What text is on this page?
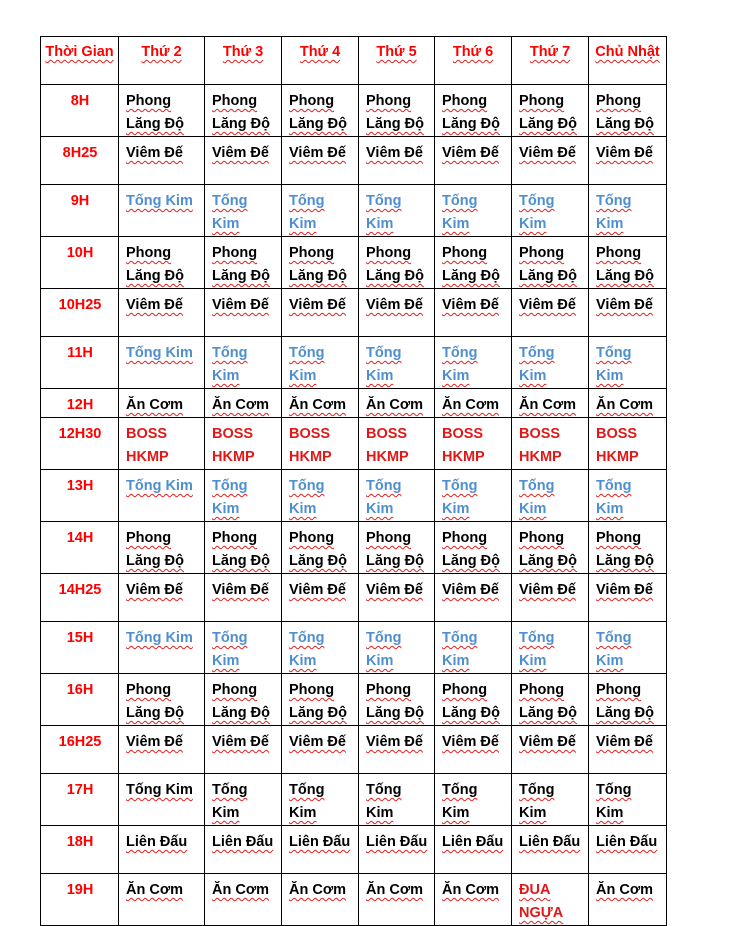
Thời Gian	Thứ 2	Thứ 3	Thứ 4	Thứ 5	Thứ 6	Thứ 7	Chủ Nhật
8H	Phong Lăng Độ	Phong Lăng Độ	Phong Lăng Độ	Phong Lăng Độ	Phong Lăng Độ	Phong Lăng Độ	Phong Lăng Độ
8H25	Viêm Đế	Viêm Đế	Viêm Đế	Viêm Đế	Viêm Đế	Viêm Đế	Viêm Đế
9H	Tống Kim	Tống Kim	Tống Kim	Tống Kim	Tống Kim	Tống Kim	Tống Kim
10H	Phong Lăng Độ	Phong Lăng Độ	Phong Lăng Độ	Phong Lăng Độ	Phong Lăng Độ	Phong Lăng Độ	Phong Lăng Độ
10H25	Viêm Đế	Viêm Đế	Viêm Đế	Viêm Đế	Viêm Đế	Viêm Đế	Viêm Đế
11H	Tống Kim	Tống Kim	Tống Kim	Tống Kim	Tống Kim	Tống Kim	Tống Kim
12H	Ăn Cơm	Ăn Cơm	Ăn Cơm	Ăn Cơm	Ăn Cơm	Ăn Cơm	Ăn Cơm
12H30	BOSS HKMP	BOSS HKMP	BOSS HKMP	BOSS HKMP	BOSS HKMP	BOSS HKMP	BOSS HKMP
13H	Tống Kim	Tống Kim	Tống Kim	Tống Kim	Tống Kim	Tống Kim	Tống Kim
14H	Phong Lăng Độ	Phong Lăng Độ	Phong Lăng Độ	Phong Lăng Độ	Phong Lăng Độ	Phong Lăng Độ	Phong Lăng Độ
14H25	Viêm Đế	Viêm Đế	Viêm Đế	Viêm Đế	Viêm Đế	Viêm Đế	Viêm Đế
15H	Tống Kim	Tống Kim	Tống Kim	Tống Kim	Tống Kim	Tống Kim	Tống Kim
16H	Phong Lăng Độ	Phong Lăng Độ	Phong Lăng Độ	Phong Lăng Độ	Phong Lăng Độ	Phong Lăng Độ	Phong Lăng Độ
16H25	Viêm Đế	Viêm Đế	Viêm Đế	Viêm Đế	Viêm Đế	Viêm Đế	Viêm Đế
17H	Tống Kim	Tống Kim	Tống Kim	Tống Kim	Tống Kim	Tống Kim	Tống Kim
18H	Liên Đấu	Liên Đấu	Liên Đấu	Liên Đấu	Liên Đấu	Liên Đấu	Liên Đấu
19H	Ăn Cơm	Ăn Cơm	Ăn Cơm	Ăn Cơm	Ăn Cơm	ĐUA NGỰA	Ăn Cơm
